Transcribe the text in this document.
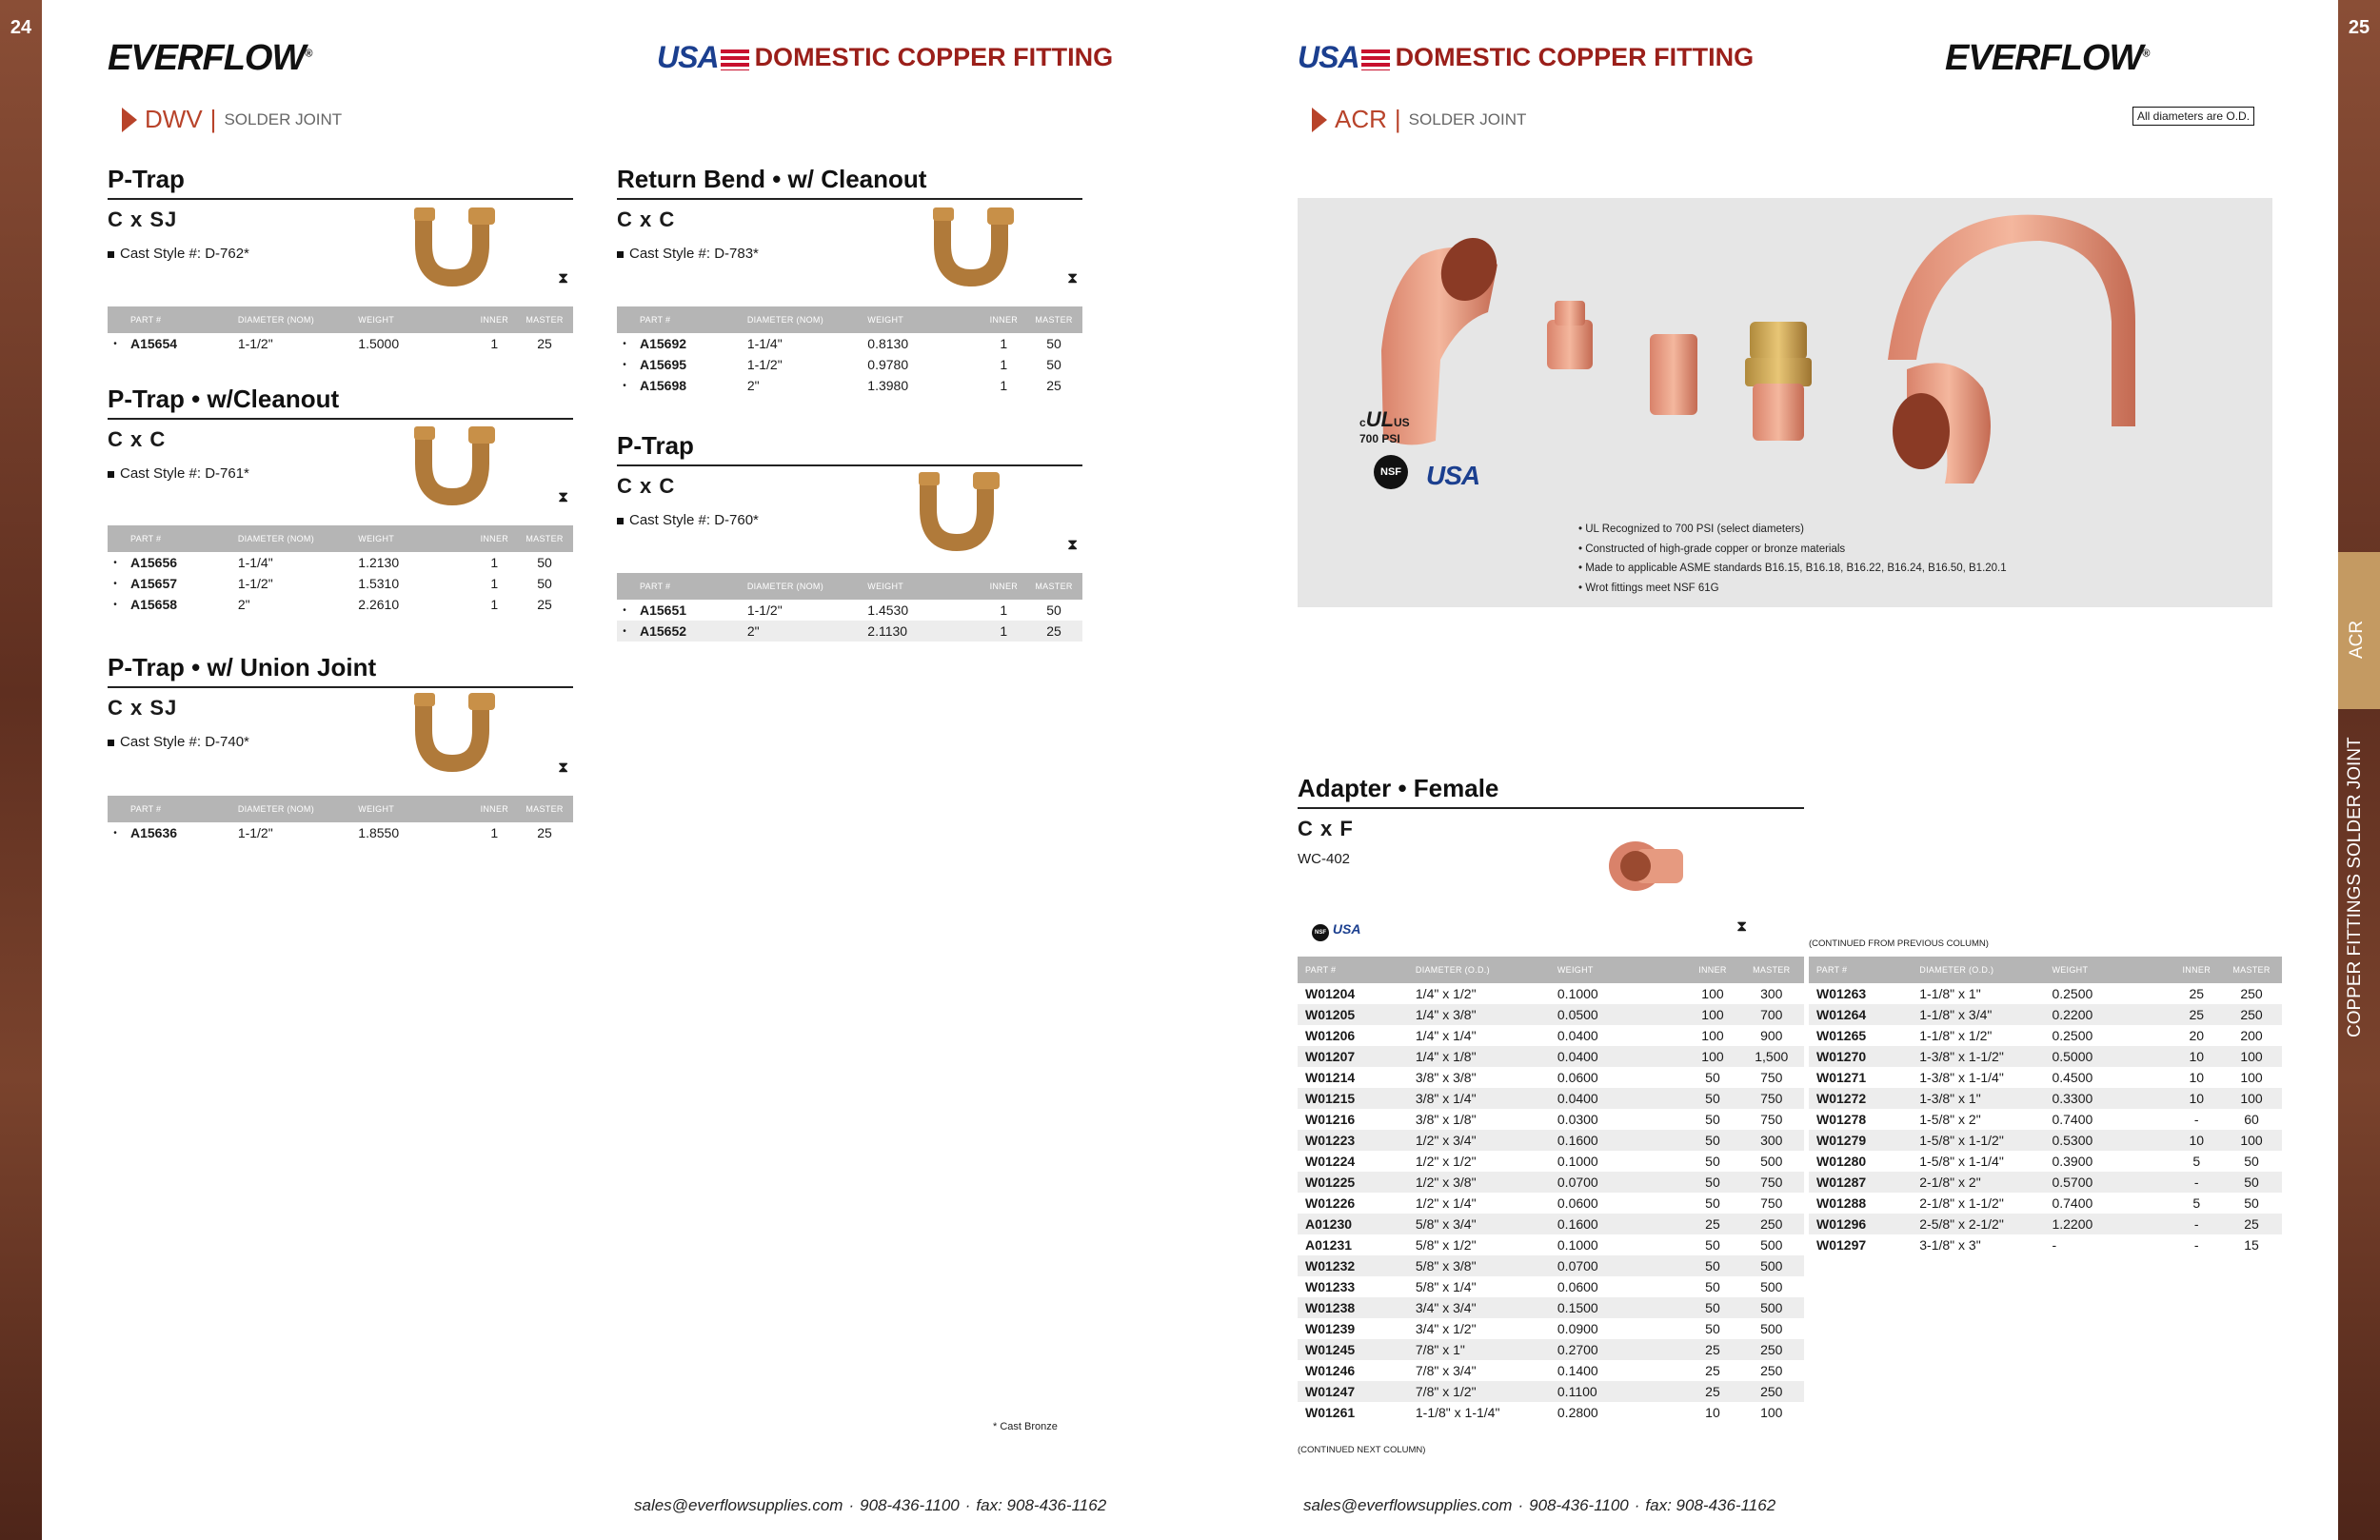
24
EVERFLOW®	USA	DOMESTIC COPPER FITTING
DWV | SOLDER JOINT
P-Trap
C x SJ
Cast Style #: D-762*
⧗
	PART #	DIAMETER (NOM)	WEIGHT	INNER	MASTER
•	A15654	1-1/2"	1.5000	1	25
P-Trap • w/Cleanout
C x C
Cast Style #: D-761*
⧗
	PART #	DIAMETER (NOM)	WEIGHT	INNER	MASTER
•	A15656	1-1/4"	1.2130	1	50
•	A15657	1-1/2"	1.5310	1	50
•	A15658	2"	2.2610	1	25
P-Trap • w/ Union Joint
C x SJ
Cast Style #: D-740*
⧗
	PART #	DIAMETER (NOM)	WEIGHT	INNER	MASTER
•	A15636	1-1/2"	1.8550	1	25
Return Bend • w/ Cleanout
C x C
Cast Style #: D-783*
⧗
	PART #	DIAMETER (NOM)	WEIGHT	INNER	MASTER
•	A15692	1-1/4"	0.8130	1	50
•	A15695	1-1/2"	0.9780	1	50
•	A15698	2"	1.3980	1	25
P-Trap
C x C
Cast Style #: D-760*
⧗
	PART #	DIAMETER (NOM)	WEIGHT	INNER	MASTER
•	A15651	1-1/2"	1.4530	1	50
•	A15652	2"	2.1130	1	25
* Cast Bronze
sales@everflowsupplies.com · 908-436-1100 · fax: 908-436-1162
25
ACR
COPPER FITTINGS SOLDER JOINT
USA	DOMESTIC COPPER FITTING	EVERFLOW®
ACR | SOLDER JOINT	All diameters are O.D.
cULUS
700 PSI
NSF USA
• UL Recognized to 700 PSI (select diameters)
• Constructed of high-grade copper or bronze materials
• Made to applicable ASME standards B16.15, B16.18, B16.22, B16.24, B16.50, B1.20.1
• Wrot fittings meet NSF 61G
Adapter • Female
C x F
WC-402
NSF USA	⧗
(CONTINUED FROM PREVIOUS COLUMN)
PART #	DIAMETER (O.D.)	WEIGHT	INNER	MASTER
W01204	1/4" x 1/2"	0.1000	100	300
W01205	1/4" x 3/8"	0.0500	100	700
W01206	1/4" x 1/4"	0.0400	100	900
W01207	1/4" x 1/8"	0.0400	100	1,500
W01214	3/8" x 3/8"	0.0600	50	750
W01215	3/8" x 1/4"	0.0400	50	750
W01216	3/8" x 1/8"	0.0300	50	750
W01223	1/2" x 3/4"	0.1600	50	300
W01224	1/2" x 1/2"	0.1000	50	500
W01225	1/2" x 3/8"	0.0700	50	750
W01226	1/2" x 1/4"	0.0600	50	750
A01230	5/8" x 3/4"	0.1600	25	250
A01231	5/8" x 1/2"	0.1000	50	500
W01232	5/8" x 3/8"	0.0700	50	500
W01233	5/8" x 1/4"	0.0600	50	500
W01238	3/4" x 3/4"	0.1500	50	500
W01239	3/4" x 1/2"	0.0900	50	500
W01245	7/8" x 1"	0.2700	25	250
W01246	7/8" x 3/4"	0.1400	25	250
W01247	7/8" x 1/2"	0.1100	25	250
W01261	1-1/8" x 1-1/4"	0.2800	10	100
PART #	DIAMETER (O.D.)	WEIGHT	INNER	MASTER
W01263	1-1/8" x 1"	0.2500	25	250
W01264	1-1/8" x 3/4"	0.2200	25	250
W01265	1-1/8" x 1/2"	0.2500	20	200
W01270	1-3/8" x 1-1/2"	0.5000	10	100
W01271	1-3/8" x 1-1/4"	0.4500	10	100
W01272	1-3/8" x 1"	0.3300	10	100
W01278	1-5/8" x 2"	0.7400	-	60
W01279	1-5/8" x 1-1/2"	0.5300	10	100
W01280	1-5/8" x 1-1/4"	0.3900	5	50
W01287	2-1/8" x 2"	0.5700	-	50
W01288	2-1/8" x 1-1/2"	0.7400	5	50
W01296	2-5/8" x 2-1/2"	1.2200	-	25
W01297	3-1/8" x 3"	-	-	15
(CONTINUED NEXT COLUMN)
sales@everflowsupplies.com · 908-436-1100 · fax: 908-436-1162
